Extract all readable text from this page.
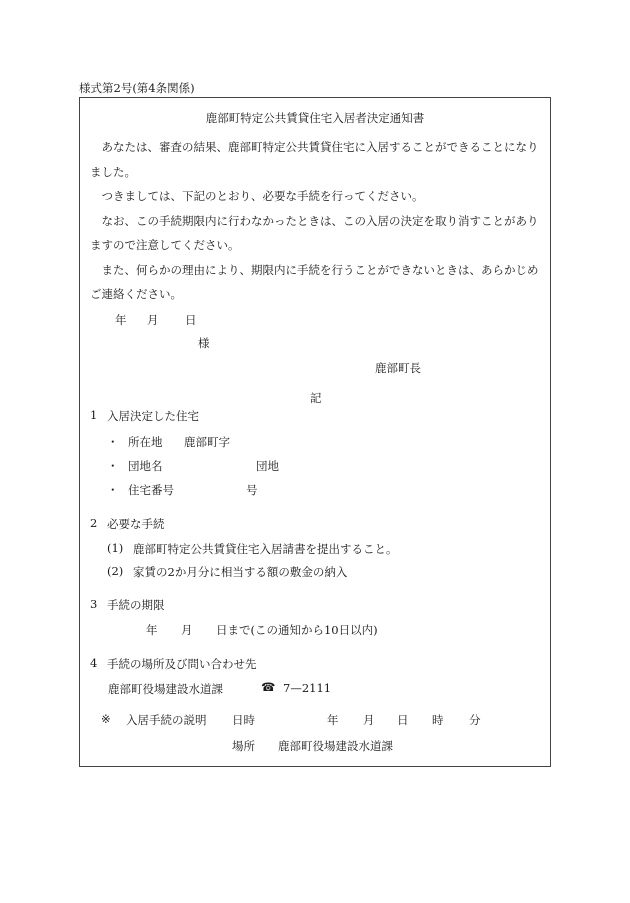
様式第2号(第4条関係)
鹿部町特定公共賃貸住宅入居者決定通知書

あなたは、審査の結果、鹿部町特定公共賃貸住宅に入居することができることになりました。

つきましては、下記のとおり、必要な手続を行ってください。

なお、この手続期限内に行わなかったときは、この入居の決定を取り消すことがありますので注意してください。

また、何らかの理由により、期限内に手続を行うことができないときは、あらかじめご連絡ください。

年 月 日
様
鹿部町長
記
1 入居決定した住宅
・ 所在地 鹿部町字
・ 団地名	団地
・ 住宅番号	号
2 必要な手続
(1) 鹿部町特定公共賃貸住宅入居請書を提出すること。
(2) 家賃の2か月分に相当する額の敷金の納入
3 手続の期限
年 月 日まで(この通知から10日以内)
4 手続の場所及び問い合わせ先
鹿部町役場建設水道課	☎ 7—2111
※ 入居手続の説明 日時	年 月 日 時 分
場所 鹿部町役場建設水道課
